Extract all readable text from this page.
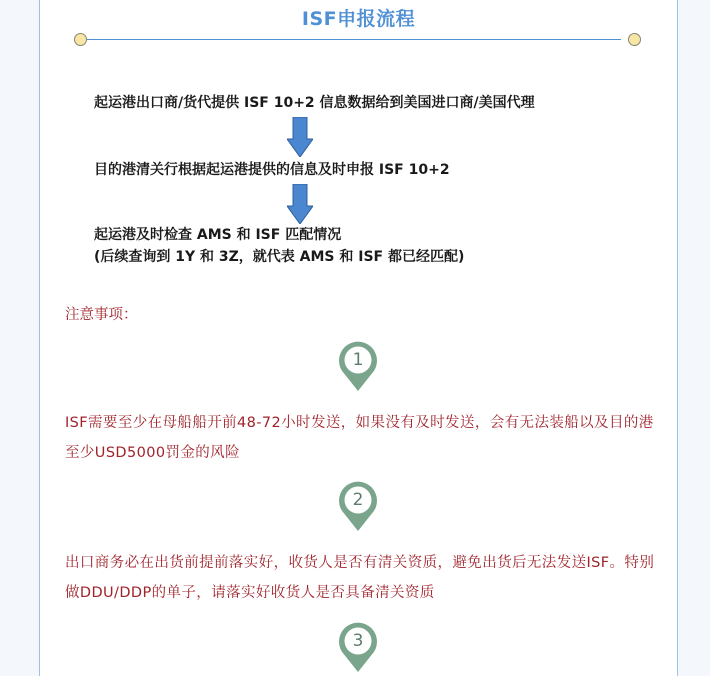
ISF申报流程
起运港出口商/货代提供 ISF 10+2 信息数据给到美国进口商/美国代理
目的港清关行根据起运港提供的信息及时申报 ISF 10+2
起运港及时检查 AMS 和 ISF 匹配情况
(后续查询到 1Y 和 3Z，就代表 AMS 和 ISF 都已经匹配)
注意事项：
1
ISF需要至少在母船船开前48-72小时发送，如果没有及时发送，会有无法装船以及目的港至少USD5000罚金的风险
2
出口商务必在出货前提前落实好，收货人是否有清关资质，避免出货后无法发送ISF。特别做DDU/DDP的单子，请落实好收货人是否具备清关资质
3
